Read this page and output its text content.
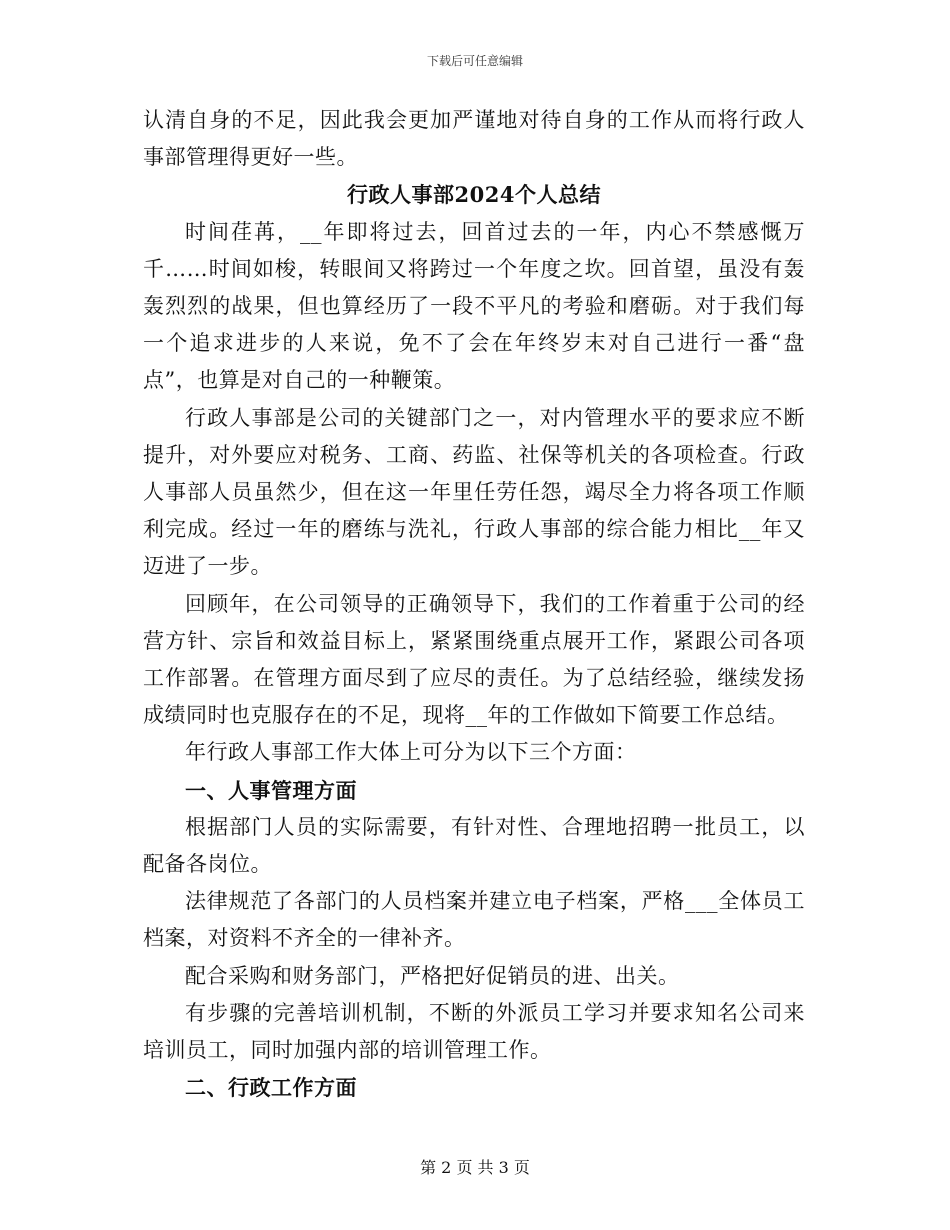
下载后可任意编辑

认清自身的不足，因此我会更加严谨地对待自身的工作从而将行政人事部管理得更好一些。

行政人事部2024个人总结

时间荏苒，__年即将过去，回首过去的一年，内心不禁感慨万千……时间如梭，转眼间又将跨过一个年度之坎。回首望，虽没有轰轰烈烈的战果，但也算经历了一段不平凡的考验和磨砺。对于我们每一个追求进步的人来说，免不了会在年终岁末对自己进行一番“盘点”，也算是对自己的一种鞭策。

行政人事部是公司的关键部门之一，对内管理水平的要求应不断提升，对外要应对税务、工商、药监、社保等机关的各项检查。行政人事部人员虽然少，但在这一年里任劳任怨，竭尽全力将各项工作顺利完成。经过一年的磨练与洗礼，行政人事部的综合能力相比__年又迈进了一步。

回顾年，在公司领导的正确领导下，我们的工作着重于公司的经营方针、宗旨和效益目标上，紧紧围绕重点展开工作，紧跟公司各项工作部署。在管理方面尽到了应尽的责任。为了总结经验，继续发扬成绩同时也克服存在的不足，现将__年的工作做如下简要工作总结。

年行政人事部工作大体上可分为以下三个方面：

一、人事管理方面

根据部门人员的实际需要，有针对性、合理地招聘一批员工，以配备各岗位。

法律规范了各部门的人员档案并建立电子档案，严格___全体员工档案，对资料不齐全的一律补齐。

配合采购和财务部门，严格把好促销员的进、出关。

有步骤的完善培训机制，不断的外派员工学习并要求知名公司来培训员工，同时加强内部的培训管理工作。

二、行政工作方面

第 2 页 共 3 页
